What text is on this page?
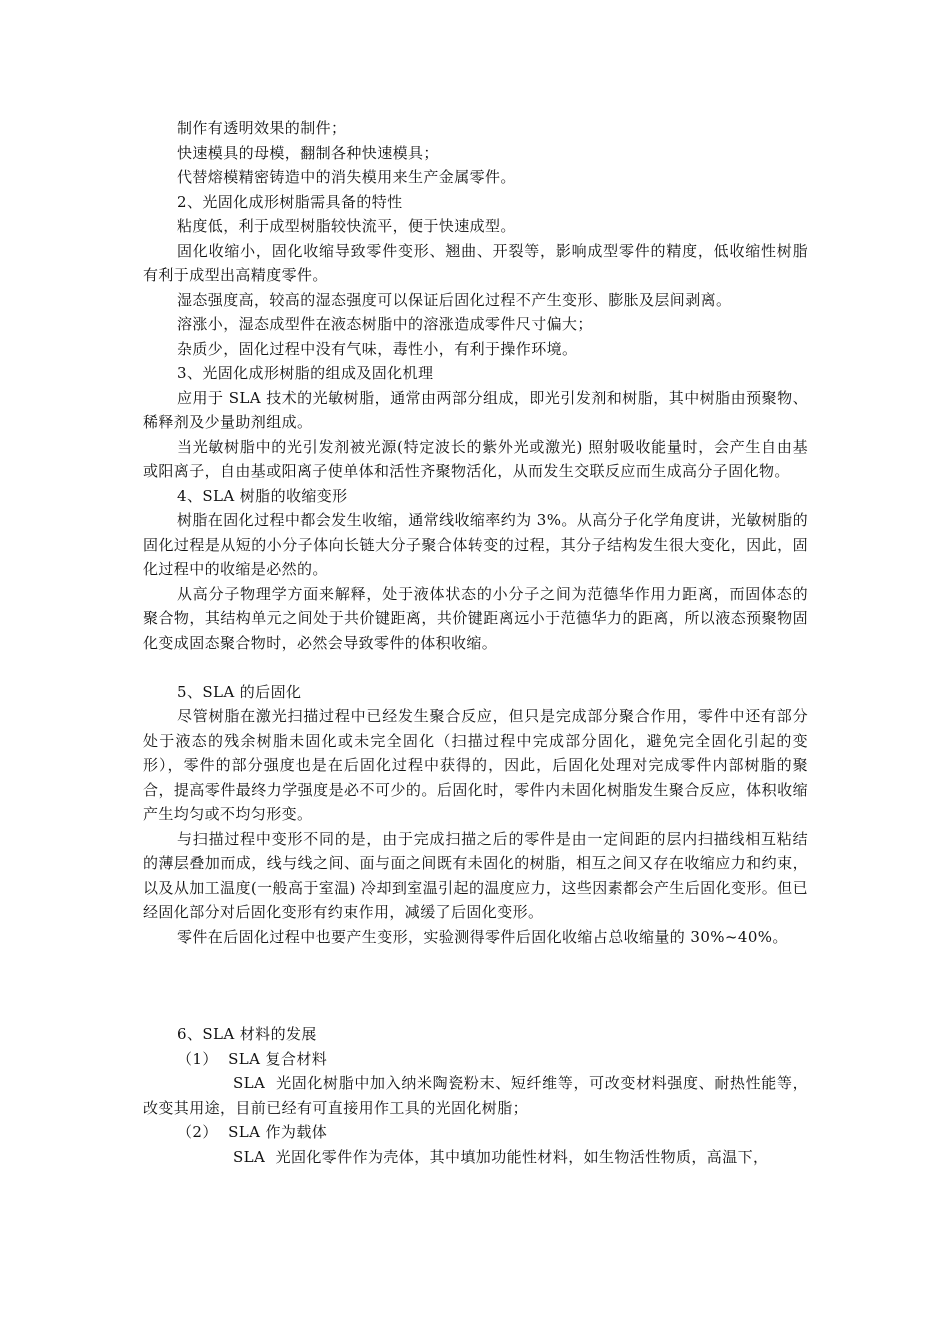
制作有透明效果的制件；

快速模具的母模，翻制各种快速模具；

代替熔模精密铸造中的消失模用来生产金属零件。

2、光固化成形树脂需具备的特性

粘度低，利于成型树脂较快流平，便于快速成型。

固化收缩小，固化收缩导致零件变形、翘曲、开裂等，影响成型零件的精度，低收缩性树脂有利于成型出高精度零件。

湿态强度高，较高的湿态强度可以保证后固化过程不产生变形、膨胀及层间剥离。

溶涨小，湿态成型件在液态树脂中的溶涨造成零件尺寸偏大；

杂质少，固化过程中没有气味，毒性小，有利于操作环境。

3、光固化成形树脂的组成及固化机理

应用于 SLA 技术的光敏树脂，通常由两部分组成，即光引发剂和树脂，其中树脂由预聚物、稀释剂及少量助剂组成。

当光敏树脂中的光引发剂被光源(特定波长的紫外光或激光) 照射吸收能量时，会产生自由基或阳离子，自由基或阳离子使单体和活性齐聚物活化，从而发生交联反应而生成高分子固化物。

4、SLA 树脂的收缩变形

树脂在固化过程中都会发生收缩，通常线收缩率约为 3%。从高分子化学角度讲，光敏树脂的固化过程是从短的小分子体向长链大分子聚合体转变的过程，其分子结构发生很大变化，因此，固化过程中的收缩是必然的。

从高分子物理学方面来解释，处于液体状态的小分子之间为范德华作用力距离，而固体态的聚合物，其结构单元之间处于共价键距离，共价键距离远小于范德华力的距离，所以液态预聚物固化变成固态聚合物时，必然会导致零件的体积收缩。

5、SLA 的后固化

尽管树脂在激光扫描过程中已经发生聚合反应，但只是完成部分聚合作用，零件中还有部分处于液态的残余树脂未固化或未完全固化（扫描过程中完成部分固化，避免完全固化引起的变形），零件的部分强度也是在后固化过程中获得的，因此，后固化处理对完成零件内部树脂的聚合，提高零件最终力学强度是必不可少的。后固化时，零件内未固化树脂发生聚合反应，体积收缩产生均匀或不均匀形变。

与扫描过程中变形不同的是，由于完成扫描之后的零件是由一定间距的层内扫描线相互粘结的薄层叠加而成，线与线之间、面与面之间既有未固化的树脂，相互之间又存在收缩应力和约束，以及从加工温度(一般高于室温) 冷却到室温引起的温度应力，这些因素都会产生后固化变形。但已经固化部分对后固化变形有约束作用，减缓了后固化变形。

零件在后固化过程中也要产生变形，实验测得零件后固化收缩占总收缩量的 30%~40%。

6、SLA 材料的发展

（1）  SLA 复合材料

SLA  光固化树脂中加入纳米陶瓷粉末、短纤维等，可改变材料强度、耐热性能等，改变其用途，目前已经有可直接用作工具的光固化树脂；

（2）  SLA 作为载体

SLA  光固化零件作为壳体，其中填加功能性材料，如生物活性物质，高温下，
